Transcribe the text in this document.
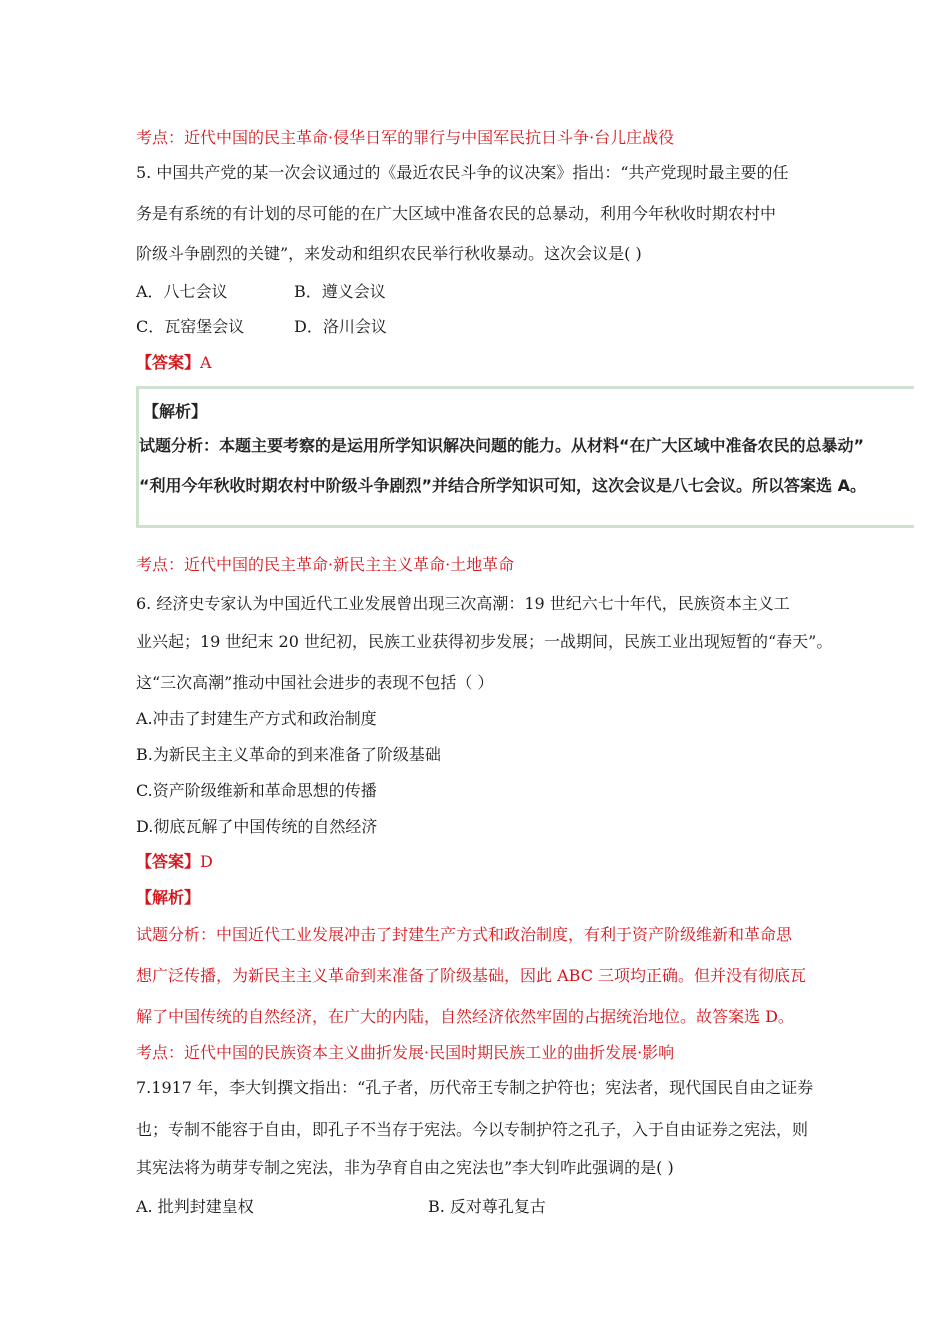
考点：近代中国的民主革命·侵华日军的罪行与中国军民抗日斗争·台儿庄战役
5. 中国共产党的某一次会议通过的《最近农民斗争的议决案》指出：“共产党现时最主要的任
务是有系统的有计划的尽可能的在广大区域中准备农民的总暴动，利用今年秋收时期农村中
阶级斗争剧烈的关键”，来发动和组织农民举行秋收暴动。这次会议是( )
A．八七会议	B．遵义会议
C．瓦窑堡会议	D．洛川会议
【答案】A
【解析】
试题分析：本题主要考察的是运用所学知识解决问题的能力。从材料“在广大区域中准备农民的总暴动”
“利用今年秋收时期农村中阶级斗争剧烈”并结合所学知识可知，这次会议是八七会议。所以答案选 A。
考点：近代中国的民主革命·新民主主义革命·土地革命
6. 经济史专家认为中国近代工业发展曾出现三次高潮：19 世纪六七十年代，民族资本主义工
业兴起；19 世纪末 20 世纪初，民族工业获得初步发展；一战期间，民族工业出现短暂的“春天”。
这“三次高潮”推动中国社会进步的表现不包括（ ）
A.冲击了封建生产方式和政治制度
B.为新民主主义革命的到来准备了阶级基础
C.资产阶级维新和革命思想的传播
D.彻底瓦解了中国传统的自然经济
【答案】D
【解析】
试题分析：中国近代工业发展冲击了封建生产方式和政治制度，有利于资产阶级维新和革命思
想广泛传播，为新民主主义革命到来准备了阶级基础，因此 ABC 三项均正确。但并没有彻底瓦
解了中国传统的自然经济，在广大的内陆，自然经济依然牢固的占据统治地位。故答案选 D。
考点：近代中国的民族资本主义曲折发展·民国时期民族工业的曲折发展·影响
7.1917 年，李大钊撰文指出：“孔子者，历代帝王专制之护符也；宪法者，现代国民自由之证券
也；专制不能容于自由，即孔子不当存于宪法。今以专制护符之孔子，入于自由证券之宪法，则
其宪法将为萌芽专制之宪法，非为孕育自由之宪法也”李大钊咋此强调的是( )
A. 批判封建皇权	B. 反对尊孔复古
